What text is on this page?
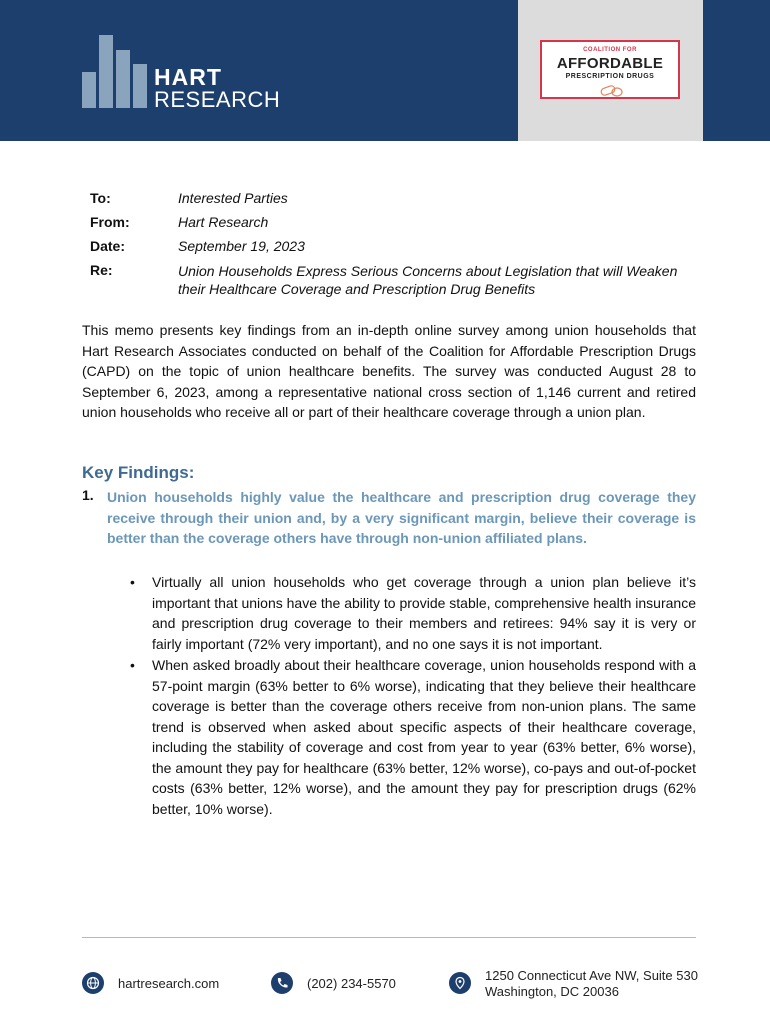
HART
RESEARCH
COALITION FOR
AFFORDABLE
PRESCRIPTION DRUGS
To:	Interested Parties
From:	Hart Research
Date:	September 19, 2023
Re:	Union Households Express Serious Concerns about Legislation that will Weaken their Healthcare Coverage and Prescription Drug Benefits
This memo presents key findings from an in-depth online survey among union households that Hart Research Associates conducted on behalf of the Coalition for Affordable Prescription Drugs (CAPD) on the topic of union healthcare benefits. The survey was conducted August 28 to September 6, 2023, among a representative national cross section of 1,146 current and retired union households who receive all or part of their healthcare coverage through a union plan.
Key Findings:
1. Union households highly value the healthcare and prescription drug coverage they receive through their union and, by a very significant margin, believe their coverage is better than the coverage others have through non-union affiliated plans.
• Virtually all union households who get coverage through a union plan believe it’s important that unions have the ability to provide stable, comprehensive health insurance and prescription drug coverage to their members and retirees: 94% say it is very or fairly important (72% very important), and no one says it is not important.
• When asked broadly about their healthcare coverage, union households respond with a 57-point margin (63% better to 6% worse), indicating that they believe their healthcare coverage is better than the coverage others receive from non-union plans. The same trend is observed when asked about specific aspects of their healthcare coverage, including the stability of coverage and cost from year to year (63% better, 6% worse), the amount they pay for healthcare (63% better, 12% worse), co-pays and out-of-pocket costs (63% better, 12% worse), and the amount they pay for prescription drugs (62% better, 10% worse).
hartresearch.com	(202) 234-5570
1250 Connecticut Ave NW, Suite 530
Washington, DC 20036
